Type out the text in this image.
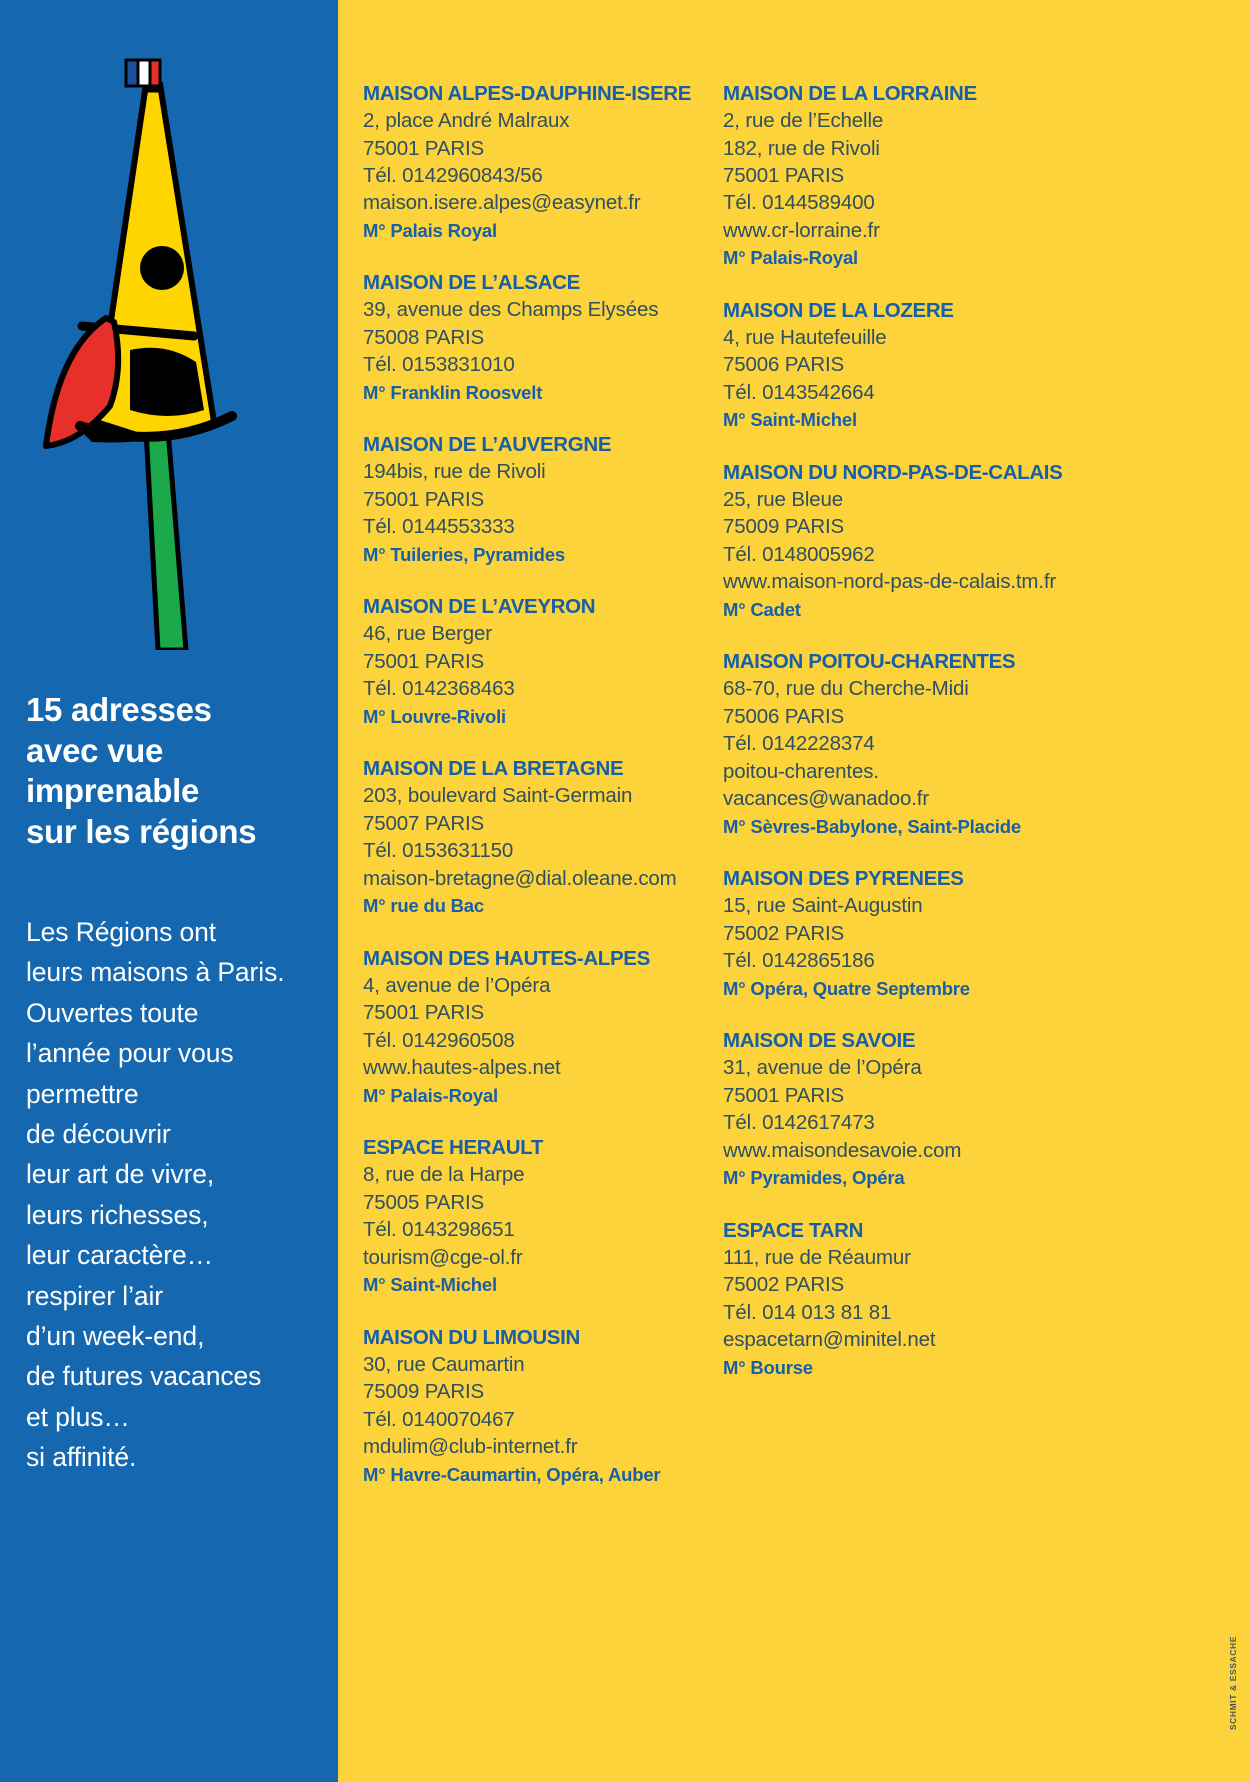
15 adresses
avec vue
imprenable
sur les régions
Les Régions ont
leurs maisons à Paris.
Ouvertes toute
l’année pour vous
permettre
de découvrir
leur art de vivre,
leurs richesses,
leur caractère…
respirer l’air
d’un week-end,
de futures vacances
et plus…
si affinité.
MAISON ALPES-DAUPHINE-ISERE
2, place André Malraux
75001 PARIS
Tél. 0142960843/56
maison.isere.alpes@easynet.fr
M° Palais Royal
MAISON DE L’ALSACE
39, avenue des Champs Elysées
75008 PARIS
Tél. 0153831010
M° Franklin Roosvelt
MAISON DE L’AUVERGNE
194bis, rue de Rivoli
75001 PARIS
Tél. 0144553333
M° Tuileries, Pyramides
MAISON DE L’AVEYRON
46, rue Berger
75001 PARIS
Tél. 0142368463
M° Louvre-Rivoli
MAISON DE LA BRETAGNE
203, boulevard Saint-Germain
75007 PARIS
Tél. 0153631150
maison-bretagne@dial.oleane.com
M° rue du Bac
MAISON DES HAUTES-ALPES
4, avenue de l’Opéra
75001 PARIS
Tél. 0142960508
www.hautes-alpes.net
M° Palais-Royal
ESPACE HERAULT
8, rue de la Harpe
75005 PARIS
Tél. 0143298651
tourism@cge-ol.fr
M° Saint-Michel
MAISON DU LIMOUSIN
30, rue Caumartin
75009 PARIS
Tél. 0140070467
mdulim@club-internet.fr
M° Havre-Caumartin, Opéra, Auber
MAISON DE LA LORRAINE
2, rue de l’Echelle
182, rue de Rivoli
75001 PARIS
Tél. 0144589400
www.cr-lorraine.fr
M° Palais-Royal
MAISON DE LA LOZERE
4, rue Hautefeuille
75006 PARIS
Tél. 0143542664
M° Saint-Michel
MAISON DU NORD-PAS-DE-CALAIS
25, rue Bleue
75009 PARIS
Tél. 0148005962
www.maison-nord-pas-de-calais.tm.fr
M° Cadet
MAISON POITOU-CHARENTES
68-70, rue du Cherche-Midi
75006 PARIS
Tél. 0142228374
poitou-charentes.
vacances@wanadoo.fr
M° Sèvres-Babylone, Saint-Placide
MAISON DES PYRENEES
15, rue Saint-Augustin
75002 PARIS
Tél. 0142865186
M° Opéra, Quatre Septembre
MAISON DE SAVOIE
31, avenue de l’Opéra
75001 PARIS
Tél. 0142617473
www.maisondesavoie.com
M° Pyramides, Opéra
ESPACE TARN
111, rue de Réaumur
75002 PARIS
Tél. 014 013 81 81
espacetarn@minitel.net
M° Bourse
SCHMIT & ESSACHE
